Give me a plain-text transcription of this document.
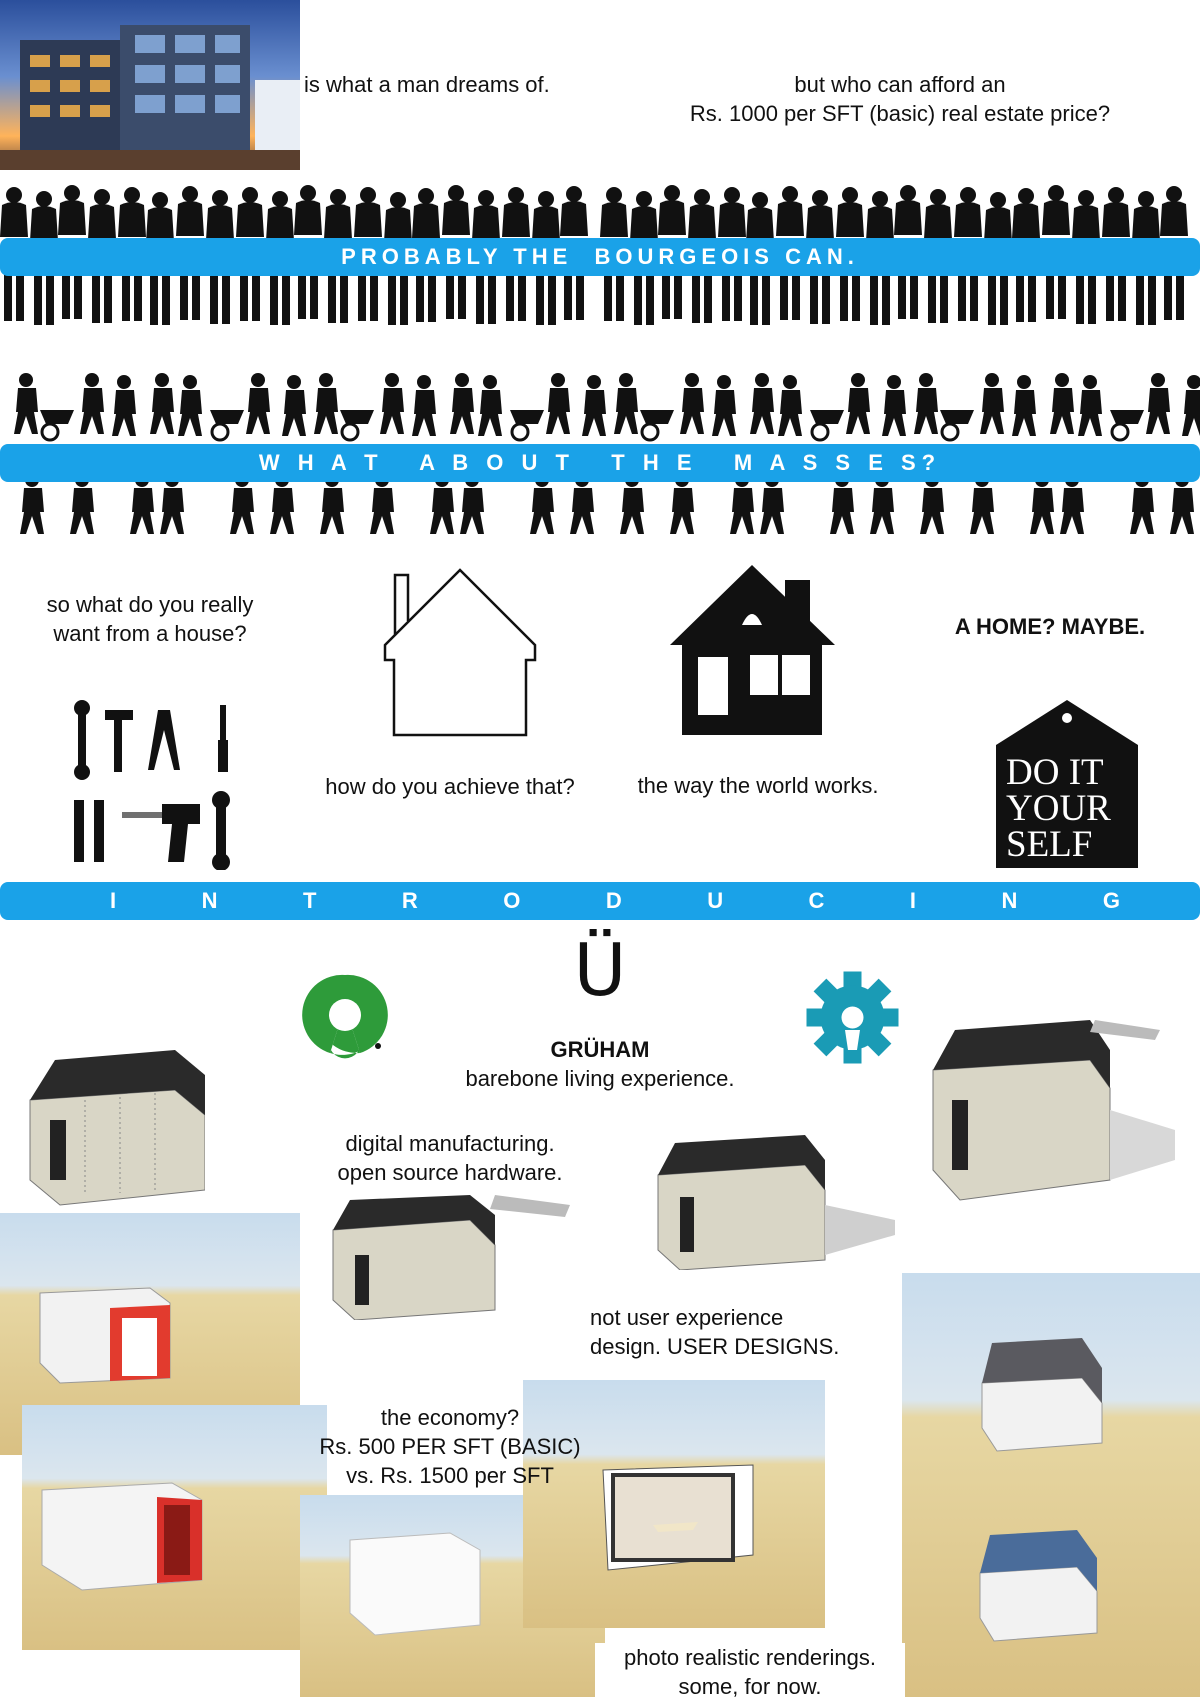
is what a man dreams of.	but who can afford an
Rs. 1000 per SFT (basic) real estate price?
PROBABLY THE  BOURGEOIS CAN.
W H A T   A B O U T   T H E   M A S S E S?
so what do you really
want from a house?	A HOME? MAYBE.
how do you achieve that?	the way the world works.	DO IT
YOUR
SELF
I	N	T	R	O	D	U	C	I	N	G
Ü
GRÜHAM
barebone living experience.
digital manufacturing.
open source hardware.
not user experience
design. USER DESIGNS.
the economy?
Rs. 500 PER SFT (BASIC)
vs. Rs. 1500 per SFT
photo realistic renderings.
some, for now.
